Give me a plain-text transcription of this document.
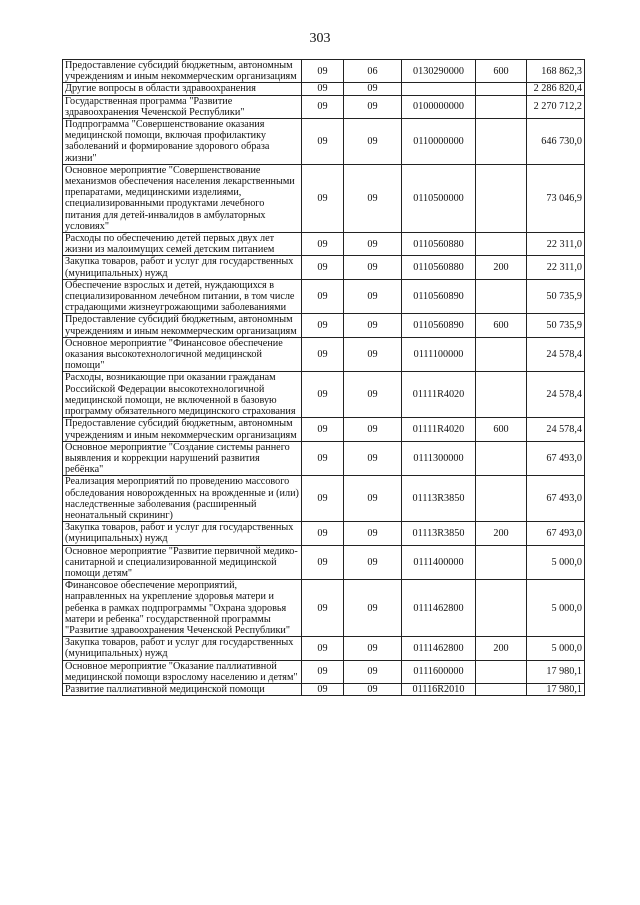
303
Предоставление субсидий бюджетным, автономным учреждениям и иным некоммерческим организациям	09	06	0130290000	600	168 862,3
Другие вопросы в области здравоохранения	09	09			2 286 820,4
Государственная программа "Развитие здравоохранения Чеченской Республики"	09	09	0100000000		2 270 712,2
Подпрограмма "Совершенствование оказания медицинской помощи, включая профилактику заболеваний и формирование здорового образа жизни"	09	09	0110000000		646 730,0
Основное мероприятие "Совершенствование механизмов обеспечения населения лекарственными препаратами, медицинскими изделиями, специализированными продуктами лечебного питания для детей-инвалидов в амбулаторных условиях"	09	09	0110500000		73 046,9
Расходы по обеспечению детей первых двух лет жизни из малоимущих семей детским питанием	09	09	0110560880		22 311,0
Закупка товаров, работ и услуг для государственных (муниципальных) нужд	09	09	0110560880	200	22 311,0
Обеспечение взрослых и детей, нуждающихся в специализированном лечебном питании, в том числе страдающими жизнеугрожающими заболеваниями	09	09	0110560890		50 735,9
Предоставление субсидий бюджетным, автономным учреждениям и иным некоммерческим организациям	09	09	0110560890	600	50 735,9
Основное мероприятие "Финансовое обеспечение оказания высокотехнологичной медицинской помощи"	09	09	0111100000		24 578,4
Расходы, возникающие при оказании гражданам Российской Федерации высокотехнологичной медицинской помощи, не включенной в базовую программу обязательного медицинского страхования	09	09	01111R4020		24 578,4
Предоставление субсидий бюджетным, автономным учреждениям и иным некоммерческим организациям	09	09	01111R4020	600	24 578,4
Основное мероприятие "Создание системы раннего выявления и коррекции нарушений развития ребёнка"	09	09	0111300000		67 493,0
Реализация мероприятий по проведению массового обследования новорожденных на врожденные и (или) наследственные заболевания (расширенный неонатальный скрининг)	09	09	01113R3850		67 493,0
Закупка товаров, работ и услуг для государственных (муниципальных) нужд	09	09	01113R3850	200	67 493,0
Основное мероприятие "Развитие первичной медико-санитарной и специализированной медицинской помощи детям"	09	09	0111400000		5 000,0
Финансовое обеспечение мероприятий, направленных на укрепление здоровья матери и ребенка в рамках подпрограммы "Охрана здоровья матери и ребенка" государственной программы "Развитие здравоохранения Чеченской Республики"	09	09	0111462800		5 000,0
Закупка товаров, работ и услуг для государственных (муниципальных) нужд	09	09	0111462800	200	5 000,0
Основное мероприятие "Оказание паллиативной медицинской помощи взрослому населению и детям"	09	09	0111600000		17 980,1
Развитие паллиативной медицинской помощи	09	09	01116R2010		17 980,1
